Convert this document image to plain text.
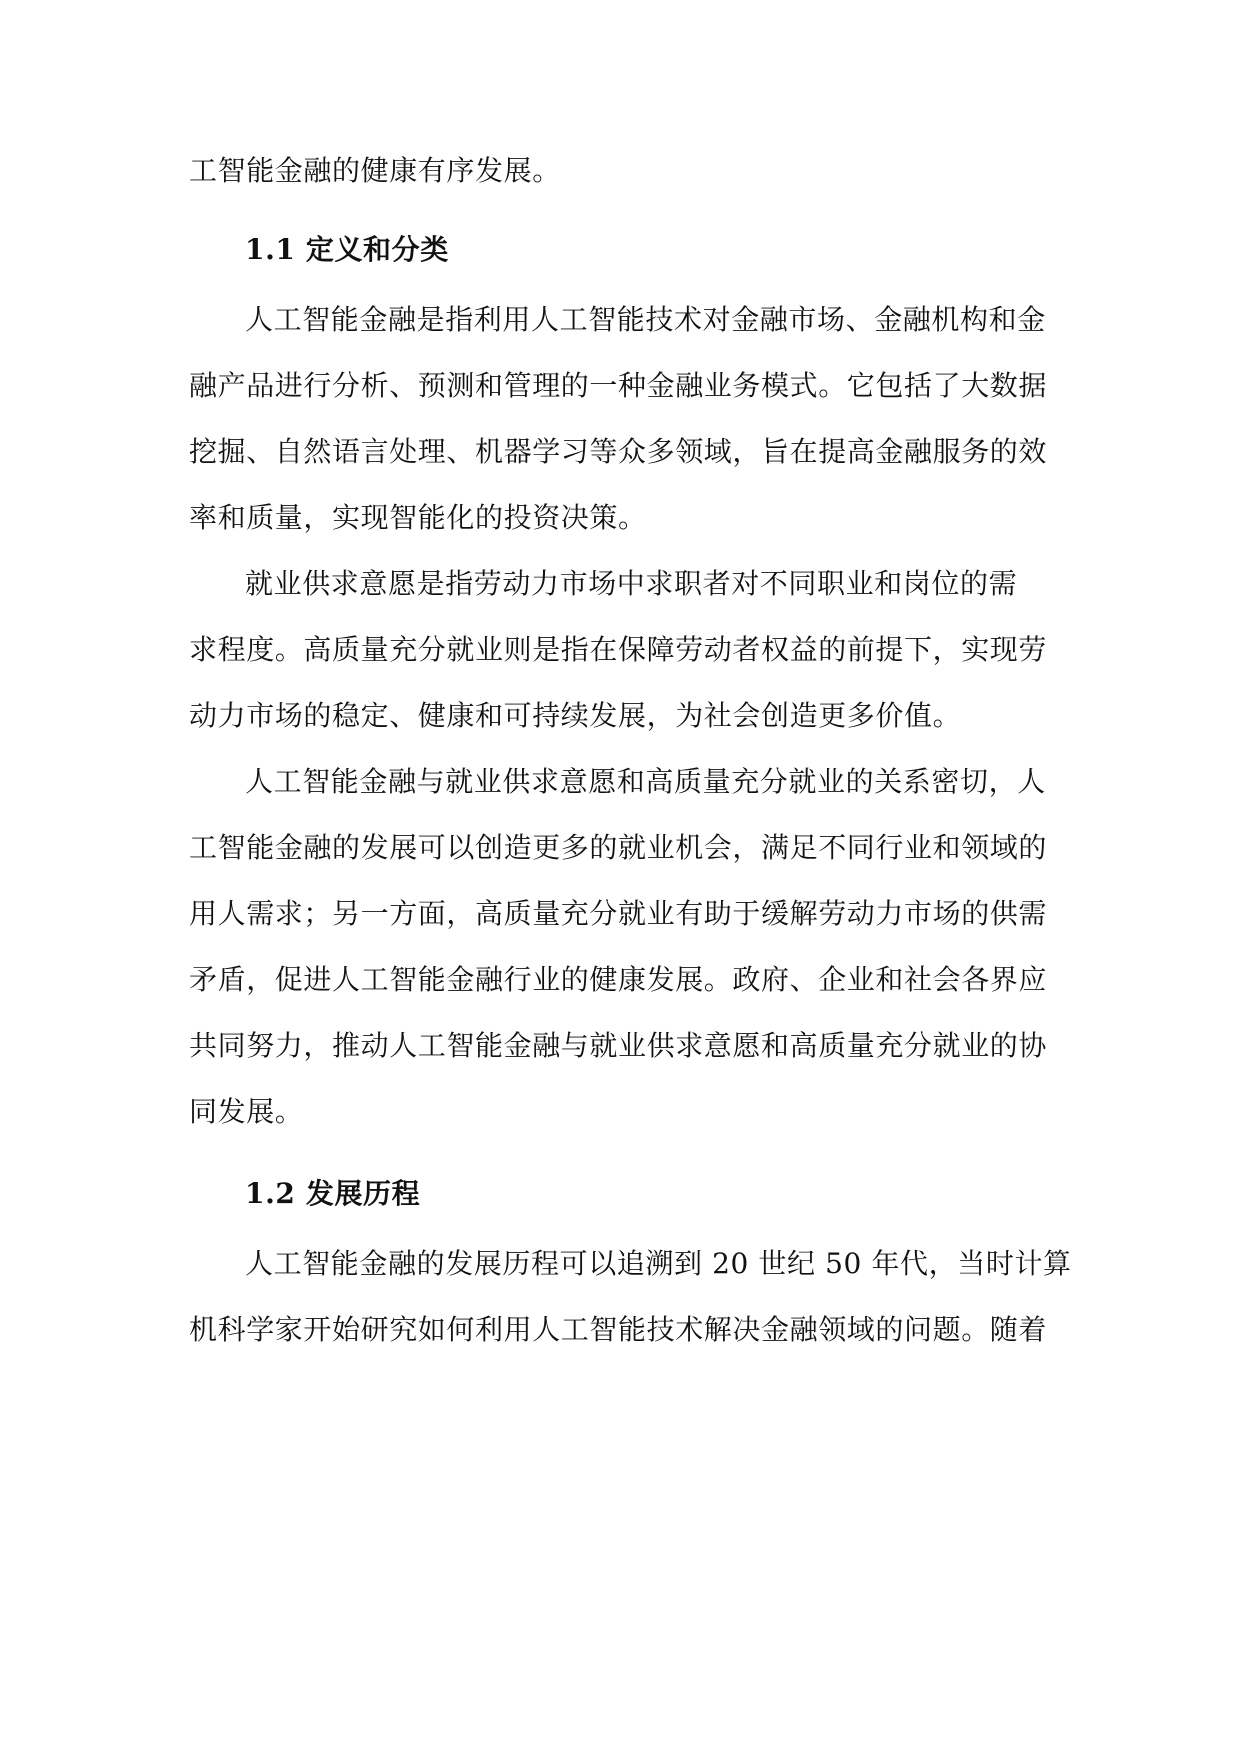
工智能金融的健康有序发展。
1.1 定义和分类
人工智能金融是指利用人工智能技术对金融市场、金融机构和金
融产品进行分析、预测和管理的一种金融业务模式。它包括了大数据
挖掘、自然语言处理、机器学习等众多领域，旨在提高金融服务的效
率和质量，实现智能化的投资决策。
就业供求意愿是指劳动力市场中求职者对不同职业和岗位的需
求程度。高质量充分就业则是指在保障劳动者权益的前提下，实现劳
动力市场的稳定、健康和可持续发展，为社会创造更多价值。
人工智能金融与就业供求意愿和高质量充分就业的关系密切，人
工智能金融的发展可以创造更多的就业机会，满足不同行业和领域的
用人需求；另一方面，高质量充分就业有助于缓解劳动力市场的供需
矛盾，促进人工智能金融行业的健康发展。政府、企业和社会各界应
共同努力，推动人工智能金融与就业供求意愿和高质量充分就业的协
同发展。
1.2 发展历程
人工智能金融的发展历程可以追溯到 20 世纪 50 年代，当时计算
机科学家开始研究如何利用人工智能技术解决金融领域的问题。随着
